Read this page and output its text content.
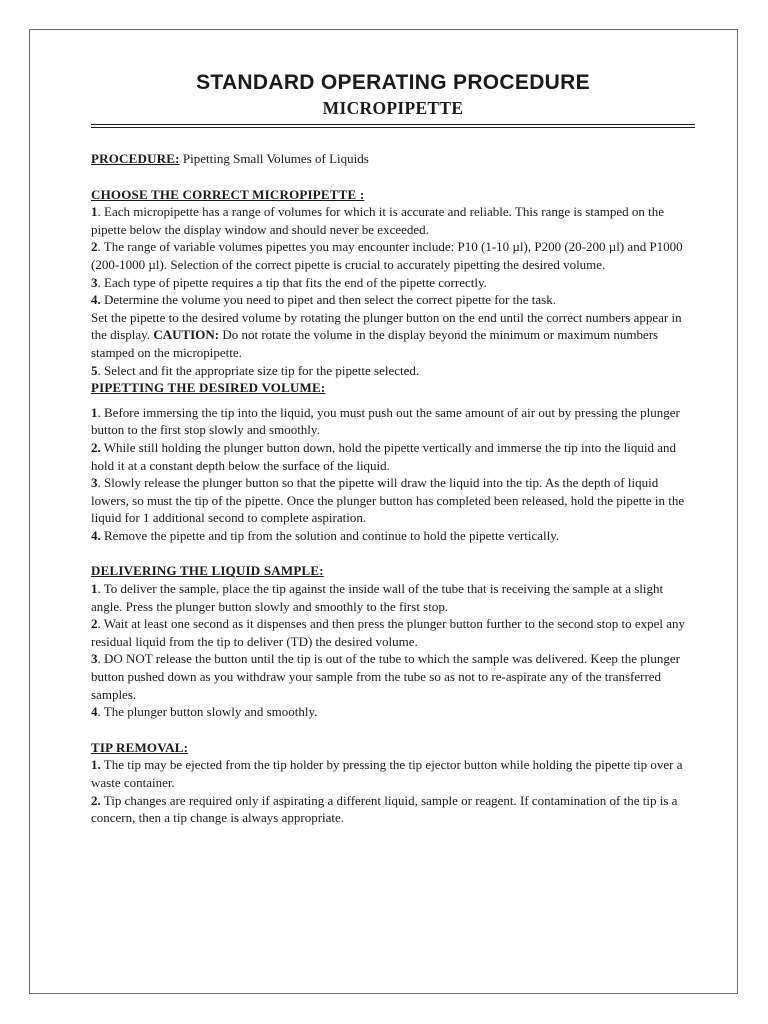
STANDARD OPERATING PROCEDURE
MICROPIPETTE

PROCEDURE: Pipetting Small Volumes of Liquids

CHOOSE THE CORRECT MICROPIPETTE :

1. Each micropipette has a range of volumes for which it is accurate and reliable. This range is stamped on the pipette below the display window and should never be exceeded.

2. The range of variable volumes pipettes you may encounter include: P10 (1-10 µl), P200 (20-200 µl) and P1000 (200-1000 µl). Selection of the correct pipette is crucial to accurately pipetting the desired volume.

3. Each type of pipette requires a tip that fits the end of the pipette correctly.

4. Determine the volume you need to pipet and then select the correct pipette for the task.

Set the pipette to the desired volume by rotating the plunger button on the end until the correct numbers appear in the display. CAUTION: Do not rotate the volume in the display beyond the minimum or maximum numbers stamped on the micropipette.

5. Select and fit the appropriate size tip for the pipette selected.

PIPETTING THE DESIRED VOLUME:

1. Before immersing the tip into the liquid, you must push out the same amount of air out by pressing the plunger button to the first stop slowly and smoothly.

2. While still holding the plunger button down, hold the pipette vertically and immerse the tip into the liquid and hold it at a constant depth below the surface of the liquid.

3. Slowly release the plunger button so that the pipette will draw the liquid into the tip. As the depth of liquid lowers, so must the tip of the pipette. Once the plunger button has completed been released, hold the pipette in the liquid for 1 additional second to complete aspiration.

4. Remove the pipette and tip from the solution and continue to hold the pipette vertically.

DELIVERING THE LIQUID SAMPLE:

1. To deliver the sample, place the tip against the inside wall of the tube that is receiving the sample at a slight angle. Press the plunger button slowly and smoothly to the first stop.

2. Wait at least one second as it dispenses and then press the plunger button further to the second stop to expel any residual liquid from the tip to deliver (TD) the desired volume.

3. DO NOT release the button until the tip is out of the tube to which the sample was delivered. Keep the plunger button pushed down as you withdraw your sample from the tube so as not to re-aspirate any of the transferred samples.

4. The plunger button slowly and smoothly.

TIP REMOVAL:

1. The tip may be ejected from the tip holder by pressing the tip ejector button while holding the pipette tip over a waste container.

2. Tip changes are required only if aspirating a different liquid, sample or reagent. If contamination of the tip is a concern, then a tip change is always appropriate.
